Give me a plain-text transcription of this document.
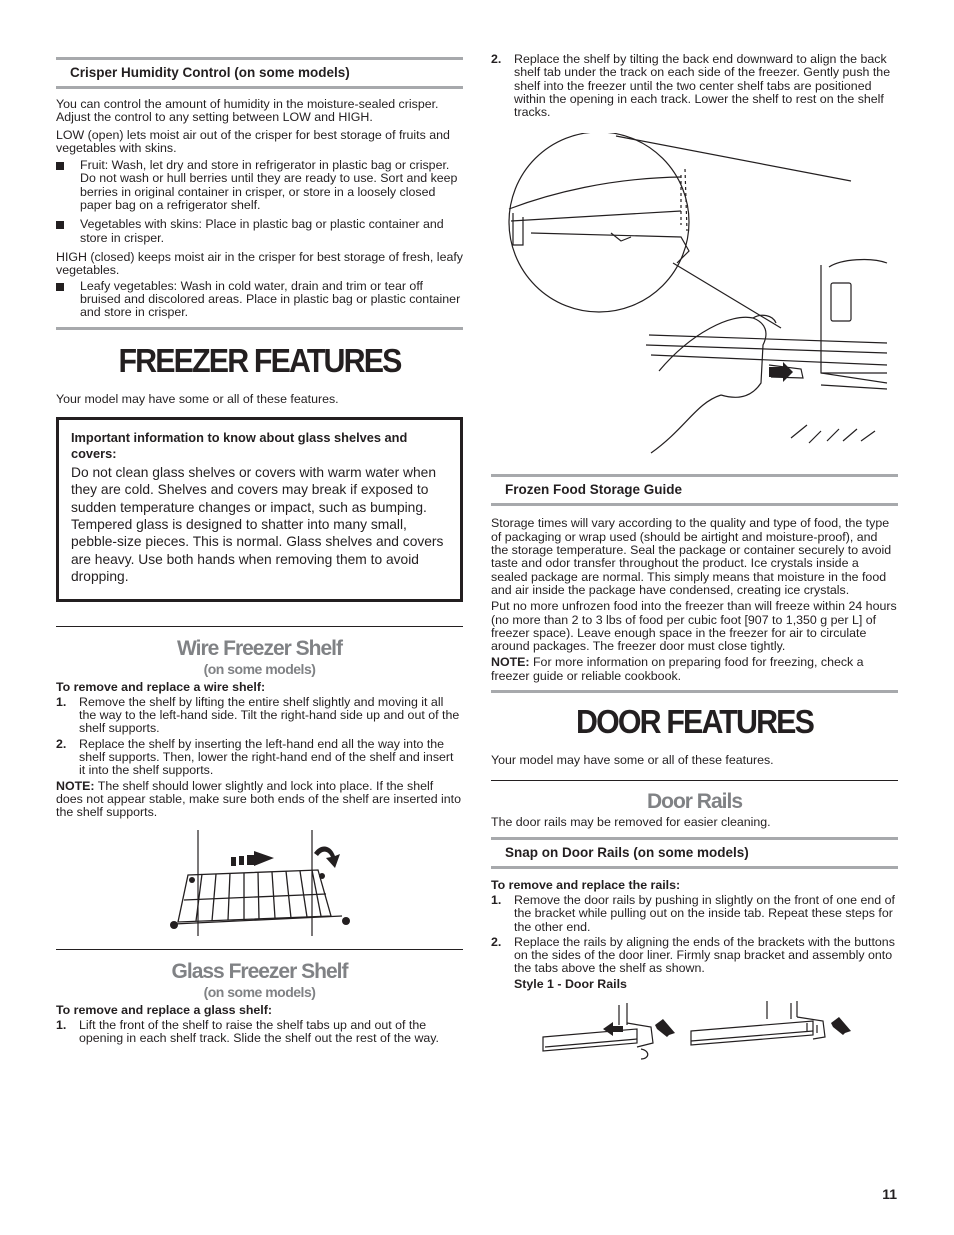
Crisper Humidity Control (on some models)

You can control the amount of humidity in the moisture-sealed crisper. Adjust the control to any setting between LOW and HIGH.

LOW (open) lets moist air out of the crisper for best storage of fruits and vegetables with skins.

Fruit: Wash, let dry and store in refrigerator in plastic bag or crisper. Do not wash or hull berries until they are ready to use. Sort and keep berries in original container in crisper, or store in a loosely closed paper bag on a refrigerator shelf.
Vegetables with skins: Place in plastic bag or plastic container and store in crisper.

HIGH (closed) keeps moist air in the crisper for best storage of fresh, leafy vegetables.

Leafy vegetables: Wash in cold water, drain and trim or tear off bruised and discolored areas. Place in plastic bag or plastic container and store in crisper.
FREEZER FEATURES

Your model may have some or all of these features.

Important information to know about glass shelves and covers:
Do not clean glass shelves or covers with warm water when they are cold. Shelves and covers may break if exposed to sudden temperature changes or impact, such as bumping. Tempered glass is designed to shatter into many small, pebble-size pieces. This is normal. Glass shelves and covers are heavy. Use both hands when removing them to avoid dropping.
Wire Freezer Shelf
(on some models)

To remove and replace a wire shelf:

1. Remove the shelf by lifting the entire shelf slightly and moving it all the way to the left-hand side. Tilt the right-hand side up and out of the shelf supports.
2. Replace the shelf by inserting the left-hand end all the way into the shelf supports. Then, lower the right-hand end of the shelf and insert it into the shelf supports.

NOTE: The shelf should lower slightly and lock into place. If the shelf does not appear stable, make sure both ends of the shelf are inserted into the shelf supports.

Glass Freezer Shelf
(on some models)

To remove and replace a glass shelf:

1. Lift the front of the shelf to raise the shelf tabs up and out of the opening in each shelf track. Slide the shelf out the rest of the way.
2. Replace the shelf by tilting the back end downward to align the back shelf tab under the track on each side of the freezer. Gently push the shelf into the freezer until the two center shelf tabs are positioned within the opening in each track. Lower the shelf to rest on the shelf tracks.
Frozen Food Storage Guide

Storage times will vary according to the quality and type of food, the type of packaging or wrap used (should be airtight and moisture-proof), and the storage temperature. Seal the package or container securely to avoid taste and odor transfer throughout the product. Ice crystals inside a sealed package are normal. This simply means that moisture in the food and air inside the package have condensed, creating ice crystals.

Put no more unfrozen food into the freezer than will freeze within 24 hours (no more than 2 to 3 lbs of food per cubic foot [907 to 1,350 g per L] of freezer space). Leave enough space in the freezer for air to circulate around packages. The freezer door must close tightly.

NOTE: For more information on preparing food for freezing, check a freezer guide or reliable cookbook.

DOOR FEATURES

Your model may have some or all of these features.

Door Rails

The door rails may be removed for easier cleaning.

Snap on Door Rails (on some models)

To remove and replace the rails:

1. Remove the door rails by pushing in slightly on the front of one end of the bracket while pulling out on the inside tab. Repeat these steps for the other end.
2. Replace the rails by aligning the ends of the brackets with the buttons on the sides of the door liner. Firmly snap bracket and assembly onto the tabs above the shelf as shown.

Style 1 - Door Rails

11
